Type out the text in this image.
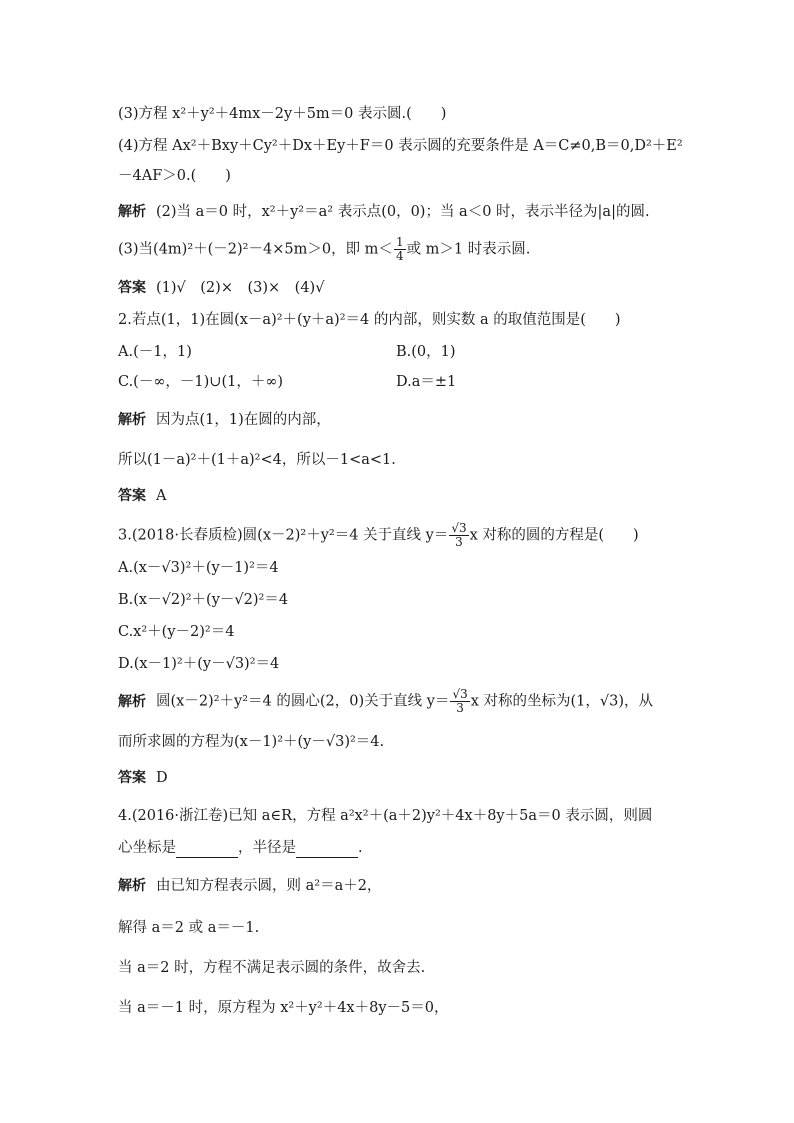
(3)方程 x²＋y²＋4mx－2y＋5m＝0 表示圆.(　　)
(4)方程 Ax²＋Bxy＋Cy²＋Dx＋Ey＋F＝0 表示圆的充要条件是 A＝C≠0,B＝0,D²＋E²
－4AF＞0.(　　)
解析 (2)当 a＝0 时，x²＋y²＝a² 表示点(0，0)；当 a＜0 时，表示半径为|a|的圆.
(3)当(4m)²＋(－2)²－4×5m＞0，即 $m< \frac{1}{4}$ 或 m＞1 时表示圆.
答案 (1)√　(2)×　(3)×　(4)√
2.若点(1，1)在圆(x－a)²＋(y＋a)²＝4 的内部，则实数 a 的取值范围是(　　)
A.(－1，1)	B.(0，1)
C.(－∞，－1)∪(1，＋∞)	D.a＝±1
解析 因为点(1，1)在圆的内部，
所以(1－a)²＋(1＋a)²<4，所以－1<a<1.
答案 A
3.(2018·长春质检)圆(x－2)²＋y²＝4 关于直线 $y= \frac{√3}{3}$ x 对称的圆的方程是(　　)
A.(x－√3)²＋(y－1)²＝4
B.(x－√2)²＋(y－√2)²＝4
C.x²＋(y－2)²＝4
D.(x－1)²＋(y－√3)²＝4
解析 圆(x－2)²＋y²＝4 的圆心(2，0)关于直线 $y= \frac{√3}{3}$ x 对称的坐标为(1，√3)，从
而所求圆的方程为(x－1)²＋(y－√3)²＝4.
答案 D
4.(2016·浙江卷)已知 a∈R，方程 a²x²＋(a＋2)y²＋4x＋8y＋5a＝0 表示圆，则圆
心坐标是	，半径是	.
解析 由已知方程表示圆，则 a²＝a＋2，
解得 a＝2 或 a＝－1.
当 a＝2 时，方程不满足表示圆的条件，故舍去.
当 a＝－1 时，原方程为 x²＋y²＋4x＋8y－5＝0，
